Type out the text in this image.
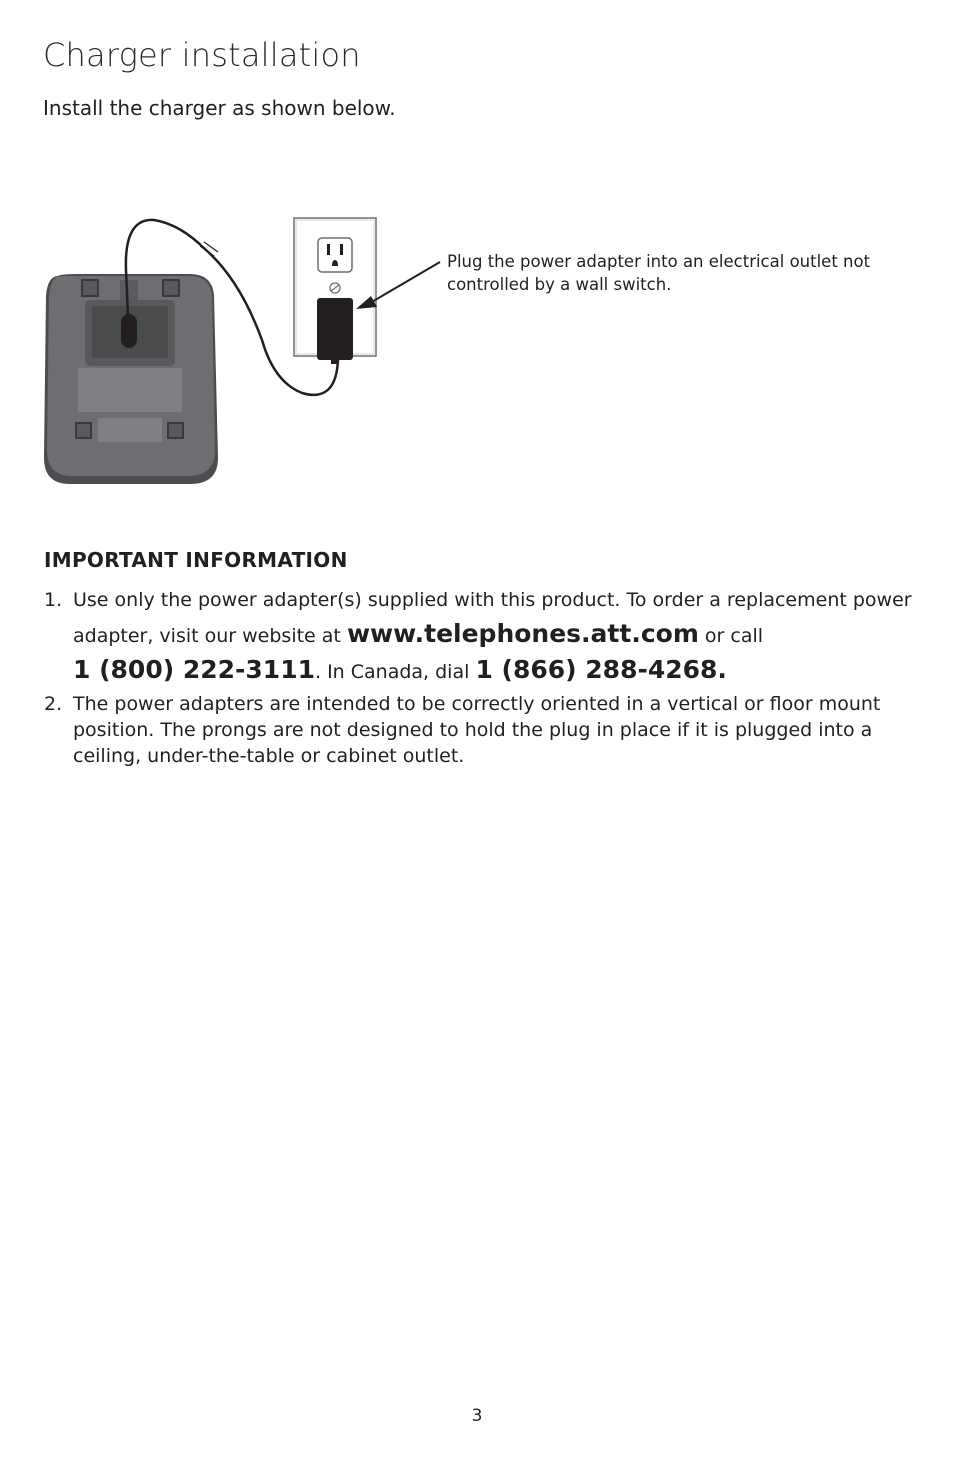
Charger installation
Install the charger as shown below.
Plug the power adapter into an electrical outlet not controlled by a wall switch.
IMPORTANT INFORMATION
1. Use only the power adapter(s) supplied with this product. To order a replacement power adapter, visit our website at www.telephones.att.com or call
1 (800) 222-3111. In Canada, dial 1 (866) 288-4268.
2. The power adapters are intended to be correctly oriented in a vertical or floor mount position. The prongs are not designed to hold the plug in place if it is plugged into a ceiling, under-the-table or cabinet outlet.
3
